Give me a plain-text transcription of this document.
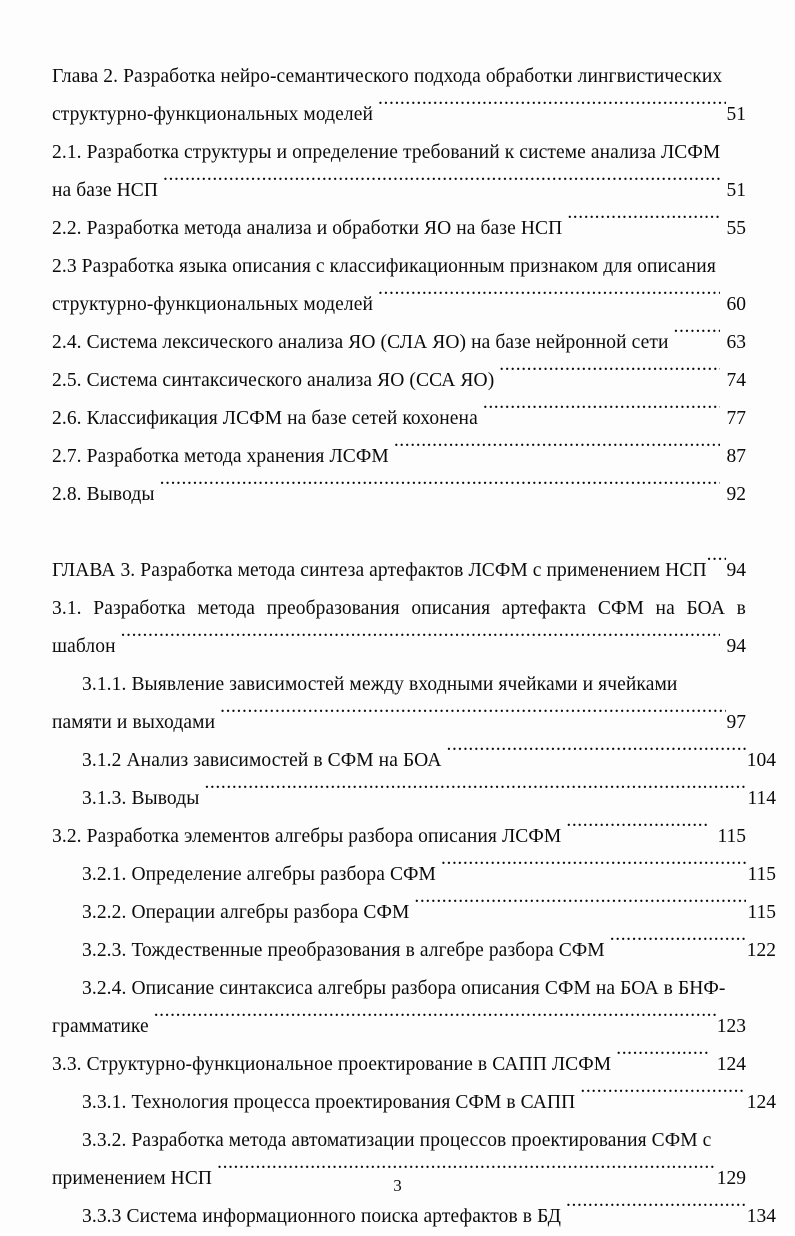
Глава 2. Разработка нейро-семантического подхода обработки лингвистических
структурно-функциональных моделей .....	51
2.1. Разработка структуры и определение требований к системе анализа ЛСФМ
на базе НСП .....	51
2.2. Разработка метода анализа и обработки ЯО на базе НСП .....	55
2.3 Разработка языка описания с классификационным признаком для описания
структурно-функциональных моделей .....	60
2.4. Система лексического анализа ЯО (СЛА ЯО) на базе нейронной сети .....	63
2.5. Система синтаксического анализа ЯО (ССА ЯО) .....	74
2.6. Классификация ЛСФМ на базе сетей кохонена .....	77
2.7. Разработка метода хранения ЛСФМ .....	87
2.8. Выводы .....	92
ГЛАВА 3. Разработка метода синтеза артефактов ЛСФМ с применением НСП ..... 94
3.1. Разработка метода преобразования описания артефакта СФМ на БОА в
шаблон .....	94
3.1.1. Выявление зависимостей между входными ячейками и ячейками
памяти и выходами .....	97
3.1.2 Анализ зависимостей в СФМ на БОА .....	104
3.1.3. Выводы .....	114
3.2. Разработка элементов алгебры разбора описания ЛСФМ .....	115
3.2.1. Определение алгебры разбора СФМ .....	115
3.2.2. Операции алгебры разбора СФМ .....	115
3.2.3. Тождественные преобразования в алгебре разбора СФМ .....	122
3.2.4. Описание синтаксиса алгебры разбора описания СФМ на БОА в БНФ-
грамматике .....	123
3.3. Структурно-функциональное проектирование в САПП ЛСФМ .....	124
3.3.1. Технология процесса проектирования СФМ в САПП .....	124
3.3.2. Разработка метода автоматизации процессов проектирования СФМ с
применением НСП .....	129
3.3.3 Система информационного поиска артефактов в БД .....	134
3
